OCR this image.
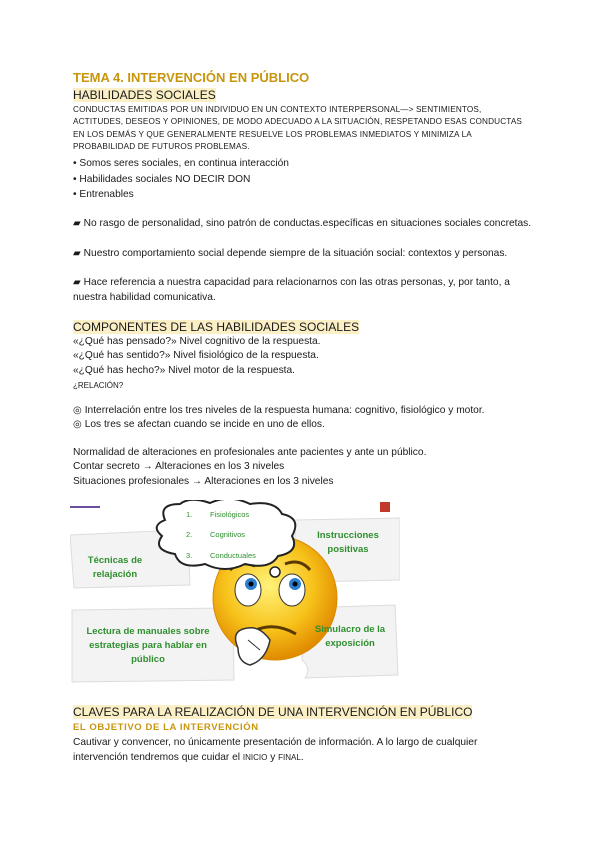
TEMA 4. INTERVENCIÓN EN PÚBLICO
HABILIDADES SOCIALES
CONDUCTAS EMITIDAS POR UN INDIVIDUO EN UN CONTEXTO INTERPERSONAL—> SENTIMIENTOS, ACTITUDES, DESEOS Y OPINIONES, DE MODO ADECUADO A LA SITUACIÓN, RESPETANDO ESAS CONDUCTAS EN LOS DEMÁS Y QUE GENERALMENTE RESUELVE LOS PROBLEMAS INMEDIATOS Y MINIMIZA LA PROBABILIDAD DE FUTUROS PROBLEMAS.
• Somos seres sociales, en continua interacción
• Habilidades sociales NO DECIR DON
• Entrenables
▰ No rasgo de personalidad, sino patrón de conductas.específicas en situaciones sociales concretas.
▰ Nuestro comportamiento social depende siempre de la situación social: contextos y personas.
▰ Hace referencia a nuestra capacidad para relacionarnos con las otras personas, y, por tanto, a nuestra habilidad comunicativa.
COMPONENTES DE LAS HABILIDADES SOCIALES
«¿Qué has pensado?» Nivel cognitivo de la respuesta.
«¿Qué has sentido?» Nivel fisiológico de la respuesta.
«¿Qué has hecho?» Nivel motor de la respuesta.
¿RELACIÓN?
◎ Interrelación entre los tres niveles de la respuesta humana: cognitivo, fisiológico y motor.
◎ Los tres se afectan cuando se incide en uno de ellos.
Normalidad de alteraciones en profesionales ante pacientes y ante un público.
Contar secreto → Alteraciones en los 3 niveles
Situaciones profesionales → Alteraciones en los 3 niveles
1. Fisiológicos
2. Cognitivos
3. Conductuales
Técnicas de
relajación
Instrucciones
positivas
Lectura de manuales sobre
estrategias para hablar en
público
Simulacro de la
exposición
CLAVES PARA LA REALIZACIÓN DE UNA INTERVENCIÓN EN PÚBLICO
EL OBJETIVO DE LA INTERVENCIÓN
Cautivar y convencer, no únicamente presentación de información. A lo largo de cualquier intervención tendremos que cuidar el INICIO y FINAL.
